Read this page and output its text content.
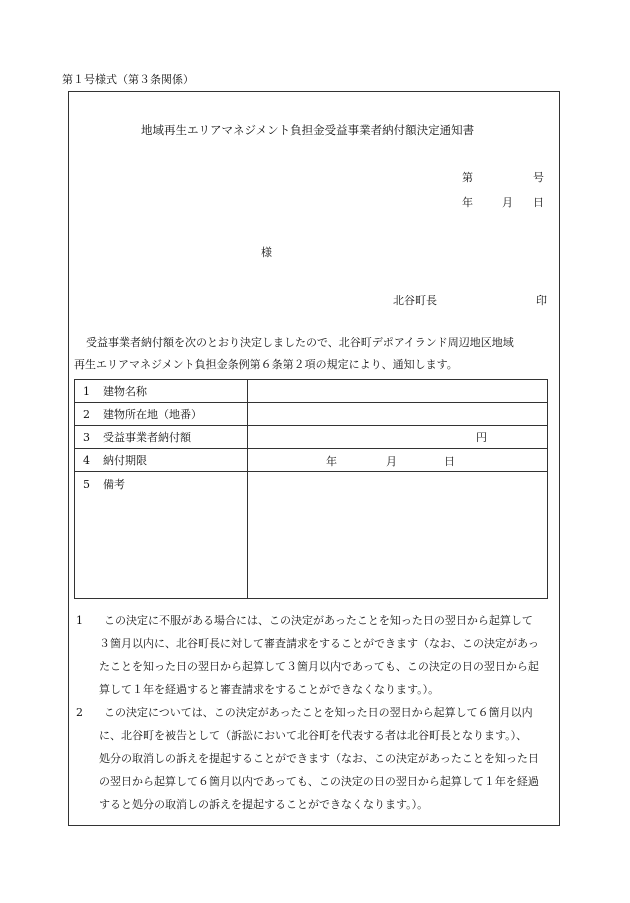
第１号様式（第３条関係）
地域再生エリアマネジメント負担金受益事業者納付額決定通知書
第	号
年	月 日
様
北谷町長	印
受益事業者納付額を次のとおり決定しましたので、北谷町デポアイランド周辺地区地域
再生エリアマネジメント負担金条例第６条第２項の規定により、通知します。
1 建物名称	
2 建物所在地（地番）	
3 受益事業者納付額	円
4 納付期限	年 月 日

5 備考	
1	この決定に不服がある場合には、この決定があったことを知った日の翌日から起算して
３箇月以内に、北谷町長に対して審査請求をすることができます（なお、この決定があっ
たことを知った日の翌日から起算して３箇月以内であっても、この決定の日の翌日から起
算して１年を経過すると審査請求をすることができなくなります。）。
2	この決定については、この決定があったことを知った日の翌日から起算して６箇月以内
に、北谷町を被告として（訴訟において北谷町を代表する者は北谷町長となります。）、
処分の取消しの訴えを提起することができます（なお、この決定があったことを知った日
の翌日から起算して６箇月以内であっても、この決定の日の翌日から起算して１年を経過
すると処分の取消しの訴えを提起することができなくなります。）。
